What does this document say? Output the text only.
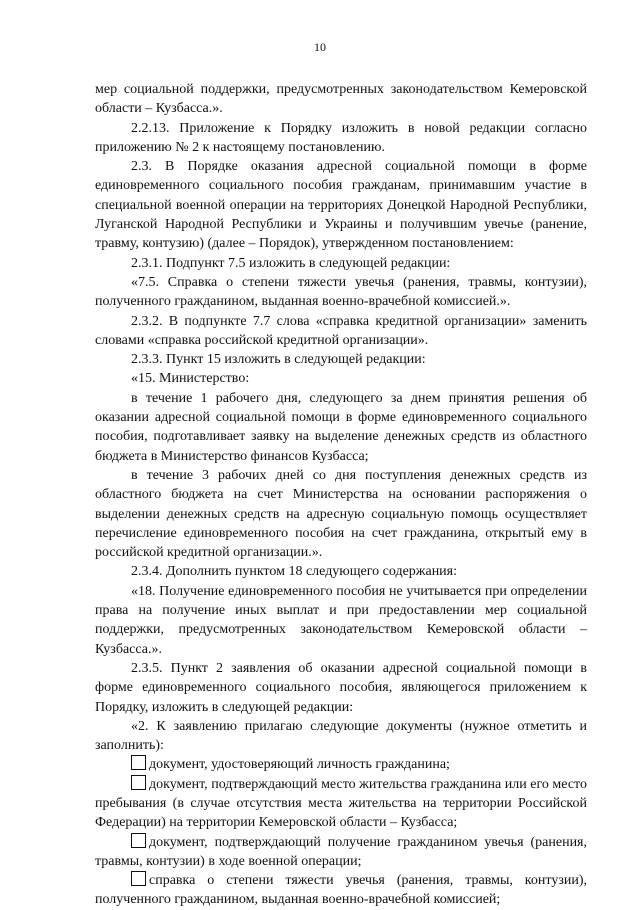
10

мер социальной поддержки, предусмотренных законодательством Кемеровской области – Кузбасса.».

2.2.13. Приложение к Порядку изложить в новой редакции согласно приложению № 2 к настоящему постановлению.

2.3. В Порядке оказания адресной социальной помощи в форме единовременного социального пособия гражданам, принимавшим участие в специальной военной операции на территориях Донецкой Народной Республики, Луганской Народной Республики и Украины и получившим увечье (ранение, травму, контузию) (далее – Порядок), утвержденном постановлением:

2.3.1. Подпункт 7.5 изложить в следующей редакции:

«7.5. Справка о степени тяжести увечья (ранения, травмы, контузии), полученного гражданином, выданная военно-врачебной комиссией.».

2.3.2. В подпункте 7.7 слова «справка кредитной организации» заменить словами «справка российской кредитной организации».

2.3.3. Пункт 15 изложить в следующей редакции:

«15. Министерство:

в течение 1 рабочего дня, следующего за днем принятия решения об оказании адресной социальной помощи в форме единовременного социального пособия, подготавливает заявку на выделение денежных средств из областного бюджета в Министерство финансов Кузбасса;

в течение 3 рабочих дней со дня поступления денежных средств из областного бюджета на счет Министерства на основании распоряжения о выделении денежных средств на адресную социальную помощь осуществляет перечисление единовременного пособия на счет гражданина, открытый ему в российской кредитной организации.».

2.3.4. Дополнить пунктом 18 следующего содержания:

«18. Получение единовременного пособия не учитывается при определении права на получение иных выплат и при предоставлении мер социальной поддержки, предусмотренных законодательством Кемеровской области – Кузбасса.».

2.3.5. Пункт 2 заявления об оказании адресной социальной помощи в форме единовременного социального пособия, являющегося приложением к Порядку, изложить в следующей редакции:

«2. К заявлению прилагаю следующие документы (нужное отметить и заполнить):

документ, удостоверяющий личность гражданина;

документ, подтверждающий место жительства гражданина или его место пребывания (в случае отсутствия места жительства на территории Российской Федерации) на территории Кемеровской области – Кузбасса;

документ, подтверждающий получение гражданином увечья (ранения, травмы, контузии) в ходе военной операции;

справка о степени тяжести увечья (ранения, травмы, контузии), полученного гражданином, выданная военно-врачебной комиссией;
